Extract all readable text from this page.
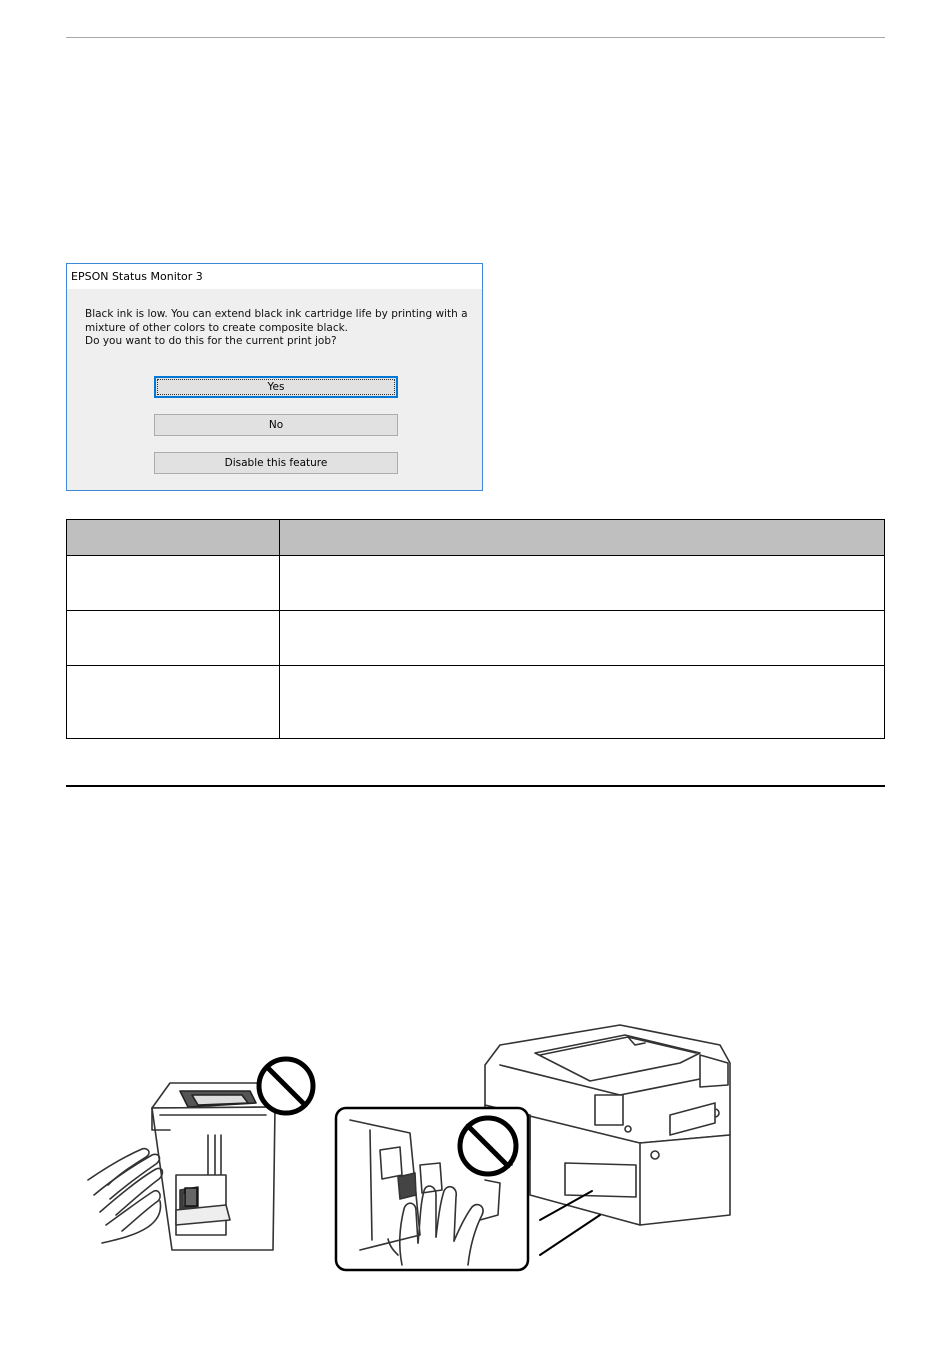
EPSON Status Monitor 3
Black ink is low. You can extend black ink cartridge life by printing with a
mixture of other colors to create composite black.
Do you want to do this for the current print job?
Yes
No
Disable this feature
